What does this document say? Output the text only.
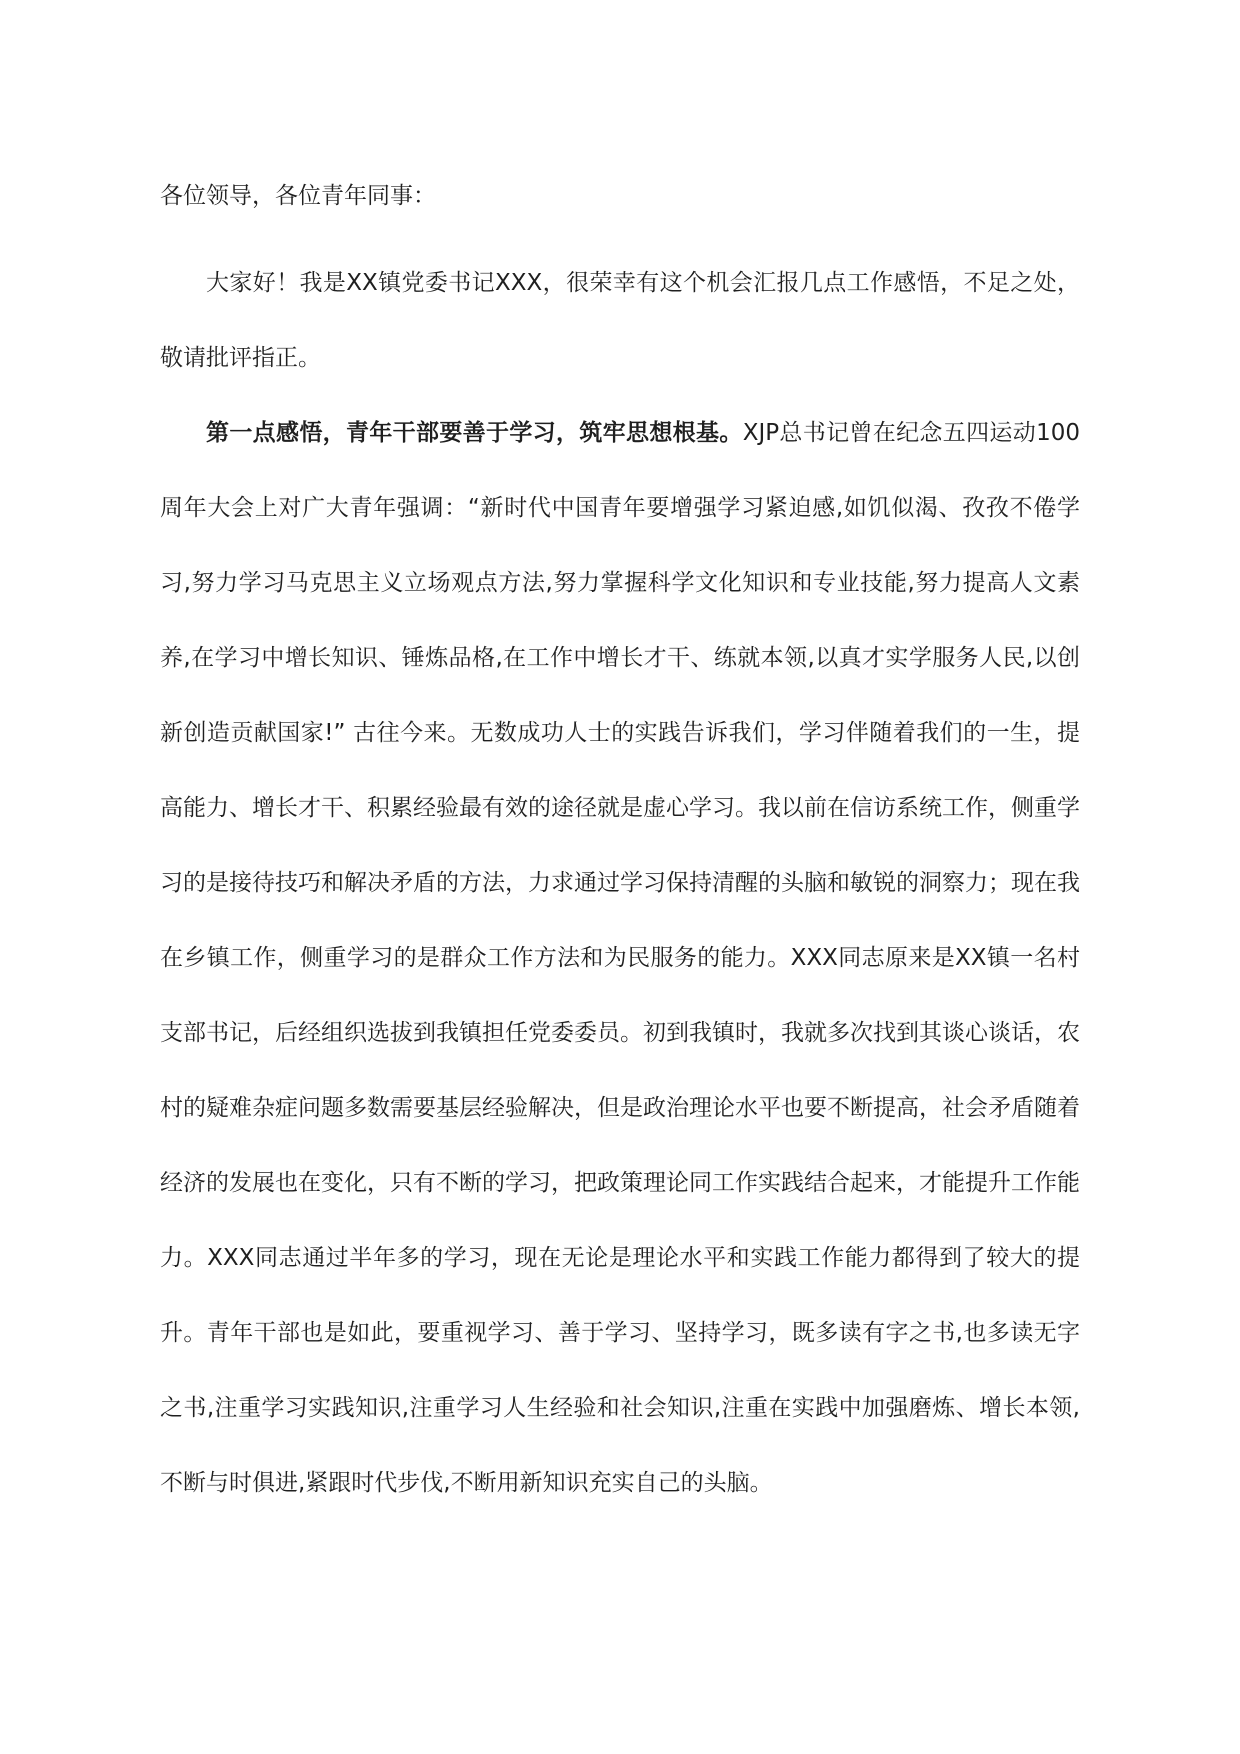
各位领导，各位青年同事：

大家好！我是XX镇党委书记XXX，很荣幸有这个机会汇报几点工作感悟，不足之处，敬请批评指正。

第一点感悟，青年干部要善于学习，筑牢思想根基。XJP总书记曾在纪念五四运动100周年大会上对广大青年强调：“新时代中国青年要增强学习紧迫感,如饥似渴、孜孜不倦学习,努力学习马克思主义立场观点方法,努力掌握科学文化知识和专业技能,努力提高人文素养,在学习中增长知识、锤炼品格,在工作中增长才干、练就本领,以真才实学服务人民,以创新创造贡献国家!” 古往今来。无数成功人士的实践告诉我们，学习伴随着我们的一生，提高能力、增长才干、积累经验最有效的途径就是虚心学习。我以前在信访系统工作，侧重学习的是接待技巧和解决矛盾的方法，力求通过学习保持清醒的头脑和敏锐的洞察力；现在我在乡镇工作，侧重学习的是群众工作方法和为民服务的能力。XXX同志原来是XX镇一名村支部书记，后经组织选拔到我镇担任党委委员。初到我镇时，我就多次找到其谈心谈话，农村的疑难杂症问题多数需要基层经验解决，但是政治理论水平也要不断提高，社会矛盾随着经济的发展也在变化，只有不断的学习，把政策理论同工作实践结合起来，才能提升工作能力。XXX同志通过半年多的学习，现在无论是理论水平和实践工作能力都得到了较大的提升。青年干部也是如此，要重视学习、善于学习、坚持学习，既多读有字之书,也多读无字之书,注重学习实践知识,注重学习人生经验和社会知识,注重在实践中加强磨炼、增长本领,不断与时俱进,紧跟时代步伐,不断用新知识充实自己的头脑。
